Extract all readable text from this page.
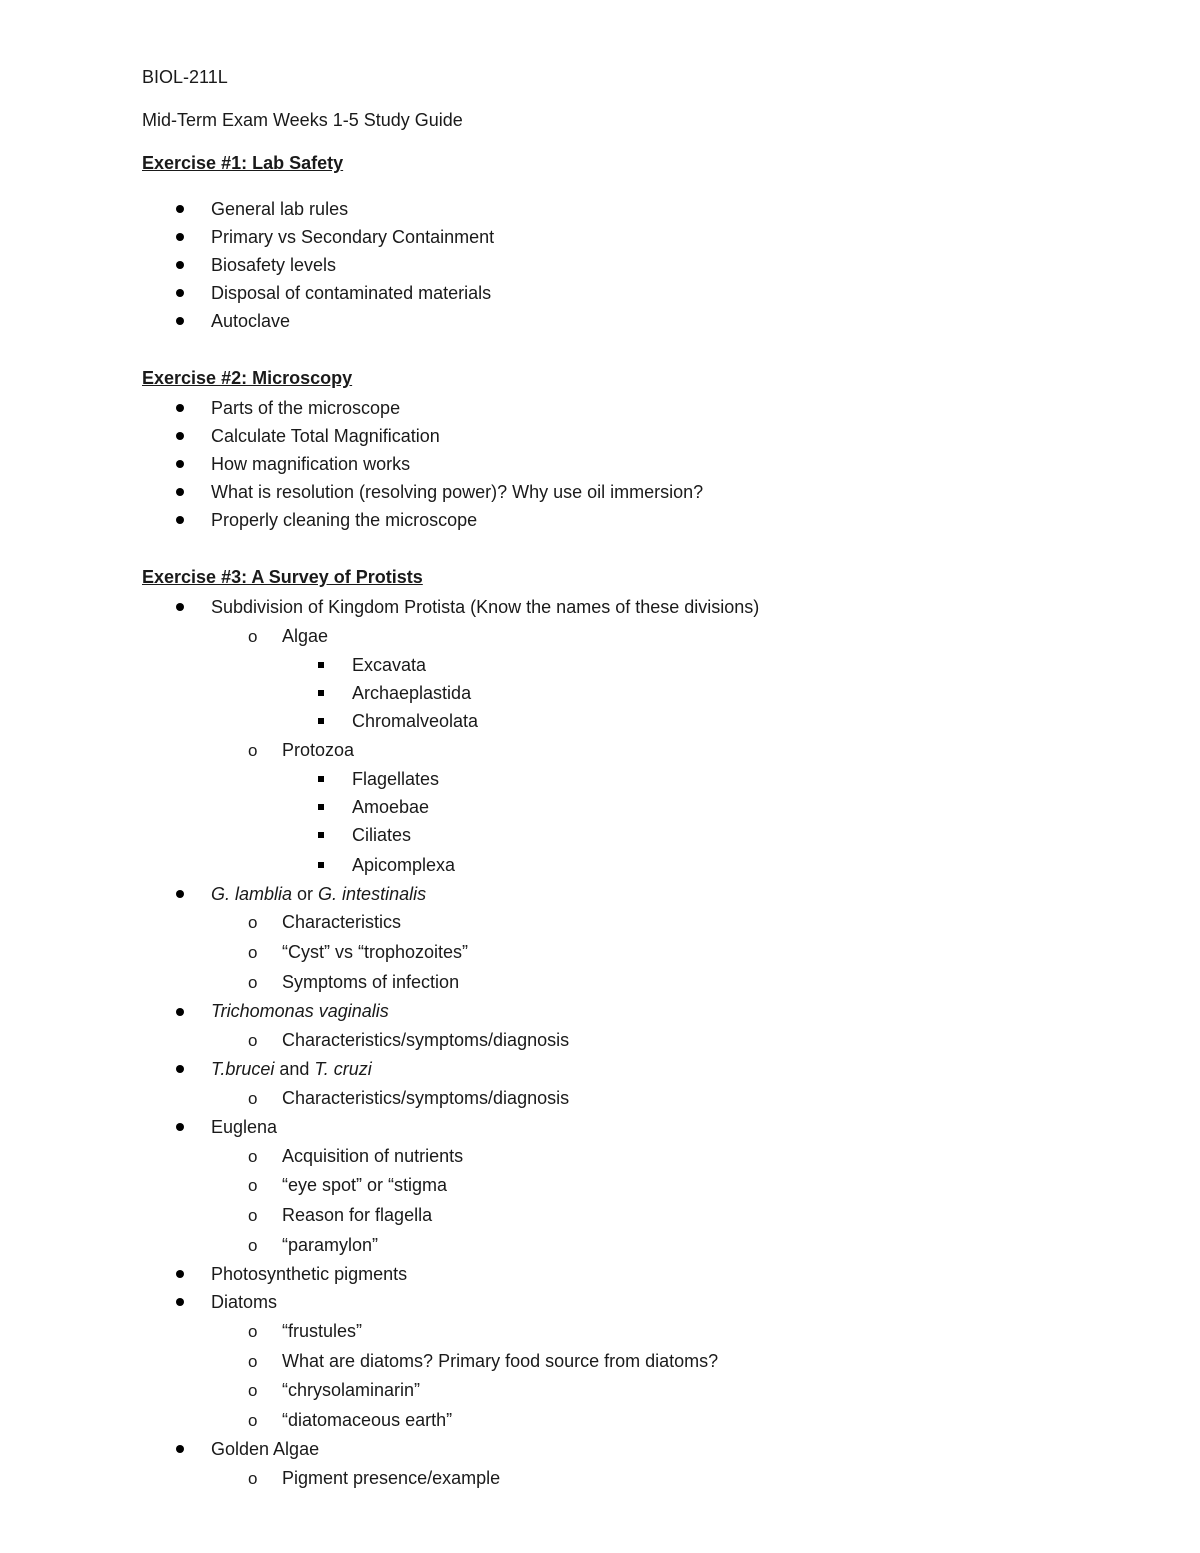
BIOL-211L
Mid-Term Exam Weeks 1-5 Study Guide
Exercise #1: Lab Safety
General lab rules
Primary vs Secondary Containment
Biosafety levels
Disposal of contaminated materials
Autoclave
Exercise #2: Microscopy
Parts of the microscope
Calculate Total Magnification
How magnification works
What is resolution (resolving power)? Why use oil immersion?
Properly cleaning the microscope
Exercise #3: A Survey of Protists
Subdivision of Kingdom Protista (Know the names of these divisions)
o Algae
Excavata
Archaeplastida
Chromalveolata
o Protozoa
Flagellates
Amoebae
Ciliates
Apicomplexa
G. lamblia or G. intestinalis
o Characteristics
o “Cyst” vs “trophozoites”
o Symptoms of infection
Trichomonas vaginalis
o Characteristics/symptoms/diagnosis
T.brucei and T. cruzi
o Characteristics/symptoms/diagnosis
Euglena
o Acquisition of nutrients
o “eye spot” or “stigma
o Reason for flagella
o “paramylon”
Photosynthetic pigments
Diatoms
o “frustules”
o What are diatoms? Primary food source from diatoms?
o “chrysolaminarin”
o “diatomaceous earth”
Golden Algae
o Pigment presence/example
